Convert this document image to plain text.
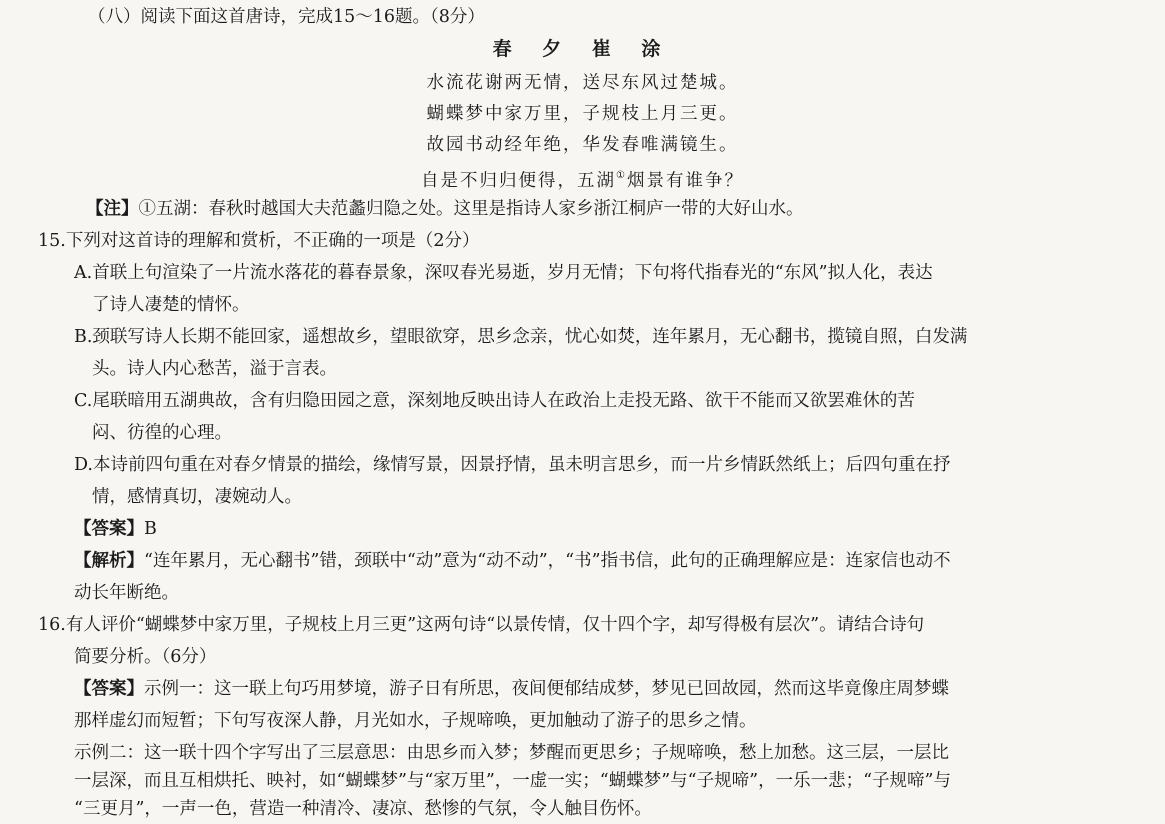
（八）阅读下面这首唐诗，完成15～16题。（8分）
春 夕 崔 涂
水流花谢两无情，送尽东风过楚城。
蝴蝶梦中家万里，子规枝上月三更。
故园书动经年绝，华发春唯满镜生。
自是不归归便得，五湖①烟景有谁争？
【注】①五湖：春秋时越国大夫范蠡归隐之处。这里是指诗人家乡浙江桐庐一带的大好山水。
15.下列对这首诗的理解和赏析，不正确的一项是（2分）
A.首联上句渲染了一片流水落花的暮春景象，深叹春光易逝，岁月无情；下句将代指春光的“东风”拟人化，表达
了诗人凄楚的情怀。
B.颈联写诗人长期不能回家，遥想故乡，望眼欲穿，思乡念亲，忧心如焚，连年累月，无心翻书，揽镜自照，白发满
头。诗人内心愁苦，溢于言表。
C.尾联暗用五湖典故，含有归隐田园之意，深刻地反映出诗人在政治上走投无路、欲干不能而又欲罢难休的苦
闷、彷徨的心理。
D.本诗前四句重在对春夕情景的描绘，缘情写景，因景抒情，虽未明言思乡，而一片乡情跃然纸上；后四句重在抒
情，感情真切，凄婉动人。
【答案】B
【解析】“连年累月，无心翻书”错，颈联中“动”意为“动不动”，“书”指书信，此句的正确理解应是：连家信也动不
动长年断绝。
16.有人评价“蝴蝶梦中家万里，子规枝上月三更”这两句诗“以景传情，仅十四个字，却写得极有层次”。请结合诗句
简要分析。（6分）
【答案】示例一：这一联上句巧用梦境，游子日有所思，夜间便郁结成梦，梦见已回故园，然而这毕竟像庄周梦蝶
那样虚幻而短暂；下句写夜深人静，月光如水，子规啼唤，更加触动了游子的思乡之情。
示例二：这一联十四个字写出了三层意思：由思乡而入梦；梦醒而更思乡；子规啼唤，愁上加愁。这三层，一层比
一层深，而且互相烘托、映衬，如“蝴蝶梦”与“家万里”，一虚一实；“蝴蝶梦”与“子规啼”，一乐一悲；“子规啼”与
“三更月”，一声一色，营造一种清冷、凄凉、愁惨的气氛，令人触目伤怀。
